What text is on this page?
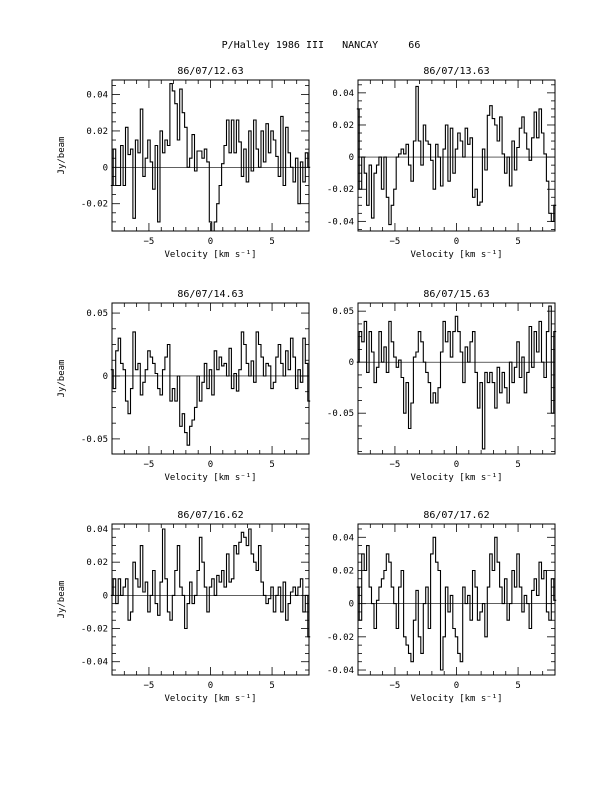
P/Halley 1986 III   NANCAY     66
86/07/12.63
−5	0	5
-0.02
0
0.02
0.04
Velocity [km s⁻¹]
Jy/beam
86/07/13.63
−5	0	5
-0.04
-0.02
0
0.02
0.04
Velocity [km s⁻¹]
86/07/14.63
−5	0	5
-0.05
0
0.05
Velocity [km s⁻¹]
Jy/beam
86/07/15.63
−5	0	5
-0.05
0
0.05
Velocity [km s⁻¹]
86/07/16.62
−5	0	5
-0.04
-0.02
0
0.02
0.04
Velocity [km s⁻¹]
Jy/beam
86/07/17.62
−5	0	5
-0.04
-0.02
0
0.02
0.04
Velocity [km s⁻¹]
